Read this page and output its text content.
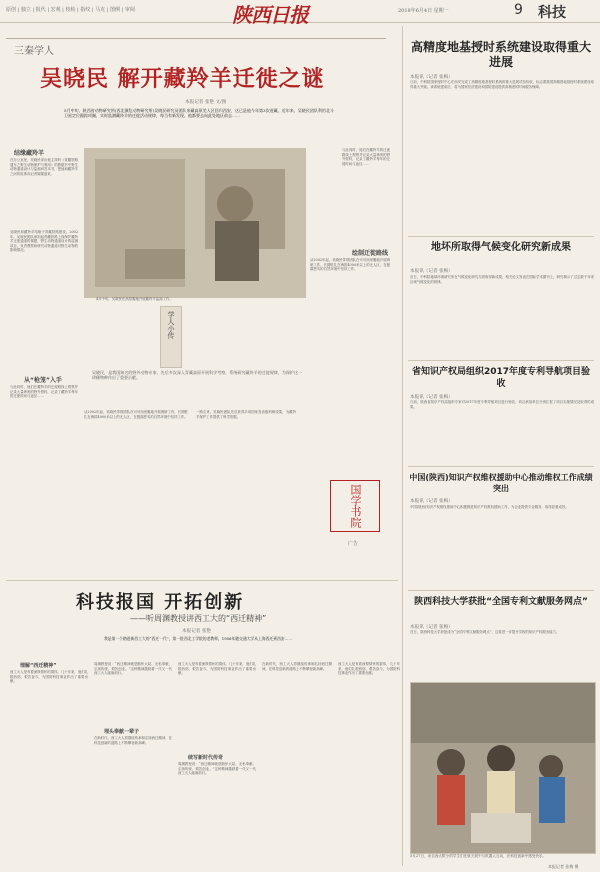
原创 | 独立 | 报代 | 宏观 | 校检 | 指纹 | 马克 | 图例 | 审阅	陕西日报	2018年6月4日 星期一	9 科技
三秦学人
吴晓民 解开藏羚羊迁徙之谜
本报记者 张艳 文/图
5月中旬，陕西省动物研究所(西北濒危动物研究所)吴晓民研究员团队来藏高原羌人区回归西安，这已是他今年第3次进藏。近年来，吴晓民团队利用北斗卫星定位跟踪项圈，实时监测藏羚羊的迁徙活动规律，每当有新发现，他都要去向此处地区前去……
结缘藏羚羊
在办公室里，吴晓民拿出他主持的《青藏铁路通车之野生动物保护与利用》的数据书中野生动物通道设计与监测问答本书，把他和藏羚羊之间的故事向记者娓娓道来。
吴晓民和藏羚羊结缘于青藏铁路建设。2002年，吴晓民团队承担起青藏铁路上线保护藏羚羊迁徙通道的课题，野生动物通道设计的监测项目，负责观察和研究动物通道对野生动物的影响情况。
从“枪笼”入手
与此同时，他们在藏羚羊的迁徙路线上观察并记录大量珍贵的野外资料，记录了藏羚羊每年的迁徙时间与途径……
4月中旬，吴晓民在高原腹地开展藏羚羊监测工作。
学人小传
吴晓民，是我国知名的野外动物专家，先后多次深入青藏高原开展科学考察，系统研究藏羚羊的迁徙规律，为保护这一珍稀物种作出了重要贡献。
从2002年起，吴晓民带领团队在可可西里腹地开展调研工作，长期驻扎在海拔4000米以上的无人区，在极端恶劣的自然环境中坚持工作。
一路走来，吴晓民团队先后获得多项国家及省级科研成果，为藏羚羊保护工作提供了科学依据。
与此同时，他们在藏羚羊的迁徙路线上观察并记录大量珍贵的野外资料，记录了藏羚羊每年的迁徙时间与途径……
绘制迁徙路线
从2002年起，吴晓民带领团队在可可西里腹地开展调研工作，长期驻扎在海拔4000米以上的无人区，在极端恶劣的自然环境中坚持工作。
国学书院
广告
科技报国 开拓创新
——听周渊教授讲西工大的“西迁精神”
本报记者 张艳
我是第一个踏进新西工大的“西迁一代”，第一批西北工学院的老教师，1956年随交通大学从上海西迁到西安……
理解“西迁精神”
西工大人是有着深厚情怀的群体，几十年来，他们扎根西部、艰苦奋斗，为国防科技事业作出了重要贡献。
周渊教授说：“西迁精神就是胸怀大局、无私奉献、弘扬传统、艰苦创业。”这种精神激励着一代又一代西工大人砥砺前行。
埋头奉献一辈子
在新时代，西工大人将继续传承和弘扬西迁精神，在科技创新的道路上不断攀登新高峰。
西工大人是有着深厚情怀的群体，几十年来，他们扎根西部、艰苦奋斗，为国防科技事业作出了重要贡献。
续写新时代传奇
周渊教授说：“西迁精神就是胸怀大局、无私奉献、弘扬传统、艰苦创业。”这种精神激励着一代又一代西工大人砥砺前行。
在新时代，西工大人将继续传承和弘扬西迁精神，在科技创新的道路上不断攀登新高峰。
西工大人是有着深厚情怀的群体，几十年来，他们扎根西部、艰苦奋斗，为国防科技事业作出了重要贡献。
高精度地基授时系统建设取得重大进展
本报讯（记者 张梅）
日前，中科院国家授时中心在西安完成了高精度地基授时系统的重大进展试验验收，标志着我国高精度地基授时系统建设取得重大突破。该系统建成后，将为国家经济建设和国防建设提供高精度的时间服务保障。
地坏所取得气候变化研究新成果
本报讯（记者 张梅）
近日，中科院地球环境研究所在气候变化研究方面取得新成果，相关论文发表在国际学术期刊上，研究揭示了过去数千年来区域气候变化的规律。
省知识产权局组织2017年度专利导航项目验收
本报讯（记者 张梅）
日前，陕西省知识产权局组织专家对2017年度专利导航项目进行验收，项目承担单位分别汇报了项目实施情况及取得的成果。
中国(陕西)知识产权维权援助中心推动维权工作成绩突出
本报讯（记者 张梅）
中国(陕西)知识产权维权援助中心积极推进知识产权维权援助工作，为企业提供专业服务，取得显著成效。
陕西科技大学获批“全国专利文献服务网点”
本报讯（记者 张梅）
近日，陕西科技大学获批成为“全国专利文献服务网点”，这将进一步提升学校的知识产权服务能力。
5月27日，来自西大附小的学生们在航天展中与机器人互动，在科技创新中感受快乐。
本报记者 张梅 摄
